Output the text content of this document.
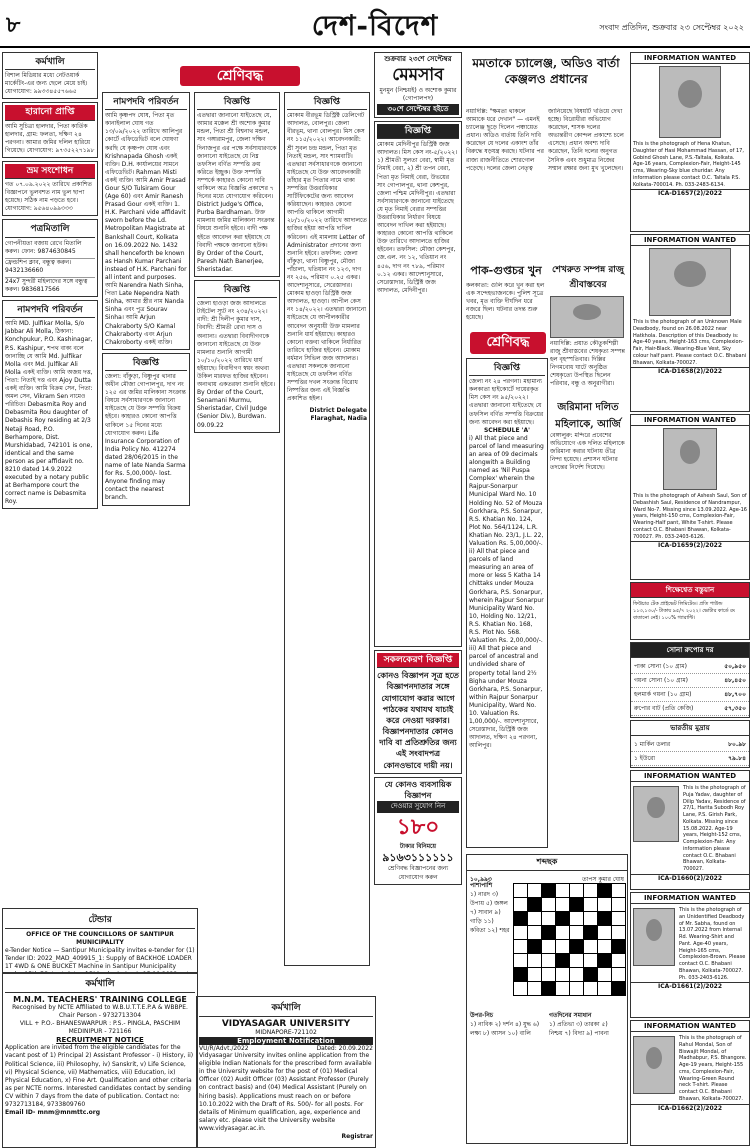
৮	দেশ-বিদেশ	সংবাদ প্রতিদিন, শুক্রবার ২৩ সেপ্টেম্বর ২০২২
শ্রেণিবদ্ধ
কর্মখালি
বিশাল মিডিয়ার মধ্যে নেটওয়ার্ক মার্কেটিং-এর জন্য ছেলে মেয়ে চাই। যোগাযোগ: ৯৯৩৩৪৫৫৭৬৬৫
হারানো প্রাপ্তি
আমি সুচিত্রা হালদার, পিতা কার্তিক হালদার, গ্রাম: ফলতা, দক্ষিণ ২৪ পরগনা। আমার জমির দলিল হারিয়ে গিয়েছে। যোগাযোগ: ৯৭৩৫২২৭১৯৮
ভ্রম সংশোধন
গত ০৭.০৯.২০২২ তারিখে প্রকাশিত বিজ্ঞাপনে ভুলবশত নাম ভুল ছাপা হয়েছে। সঠিক নাম পড়তে হবে। যোগাযোগ: ৯৫৬৪০৯৯৩৩৩
পত্রমিতালি
গোপনীয়তা বজায় রেখে মিতালি করুন। ফোন: 9874630845
ফ্রেন্ডশিপ ক্লাব, বন্ধুত্ব করুন। 9432136660
24x7 সুন্দরী মহিলাদের সঙ্গে বন্ধুত্ব করুন। 9836817566
নামপদবি পরিবর্তন
আমি MD. Julfikar Molla, S/o Jabbar Ali Molla, ঠিকানা: Konchpukur, P.O. Kashinagar, P.S. Kashipur, শপথ বাক্য বলে জানাচ্ছি যে আমি Md. Julfikar Molla এবং Md. Julfikar Ali Molla একই ব্যক্তি। আমি অজয় দত্ত, পিতা: নিতাই দত্ত এবং Ajoy Dutta একই ব্যক্তি। আমি বিক্রম সেন, পিতা: অমল সেন, Vikram Sen নামেও পরিচিত। Debasmita Roy and Debasmita Rou daughter of Debashis Roy residing at 2/3 Netaji Road, P.O. Berhampore, Dist. Murshidabad, 742101 is one, identical and the same person as per affidavit no. 8210 dated 14.9.2022 executed by a notary public at Berhampore court the correct name is Debasmita Roy.
টেন্ডার
OFFICE OF THE COUNCILLORS OF SANTIPUR MUNICIPALITY
e-Tender Notice — Santipur Municipality invites e-tender for (1) Tender ID: 2022_MAD_409915_1: Supply of BACKHOE LOADER 1T 4WD & ONE BUCKET Machine in Santipur Municipality
নামপদবি পরিবর্তন
আমি কৃষ্ণপদ ঘোষ, পিতা মৃত কানাইলাল ঘোষ গত ১৩/০৯/২০২২ তারিখে আলিপুর কোর্টে এফিডেভিট বলে ঘোষণা করছি যে কৃষ্ণপদ ঘোষ এবং Krishnapada Ghosh একই ব্যক্তি। D.H. কার্যালয়ের সামনে এফিডেভিট। Rahman Misti একই ব্যক্তি। আমি Amir Prasad Gour S/O Tulsiram Gour (Age 60) এবং Amir Ranesh Prasad Gour একই ব্যক্তি। 1. H.K. Parchani vide affidavit sworn before the Ld. Metropolitan Magistrate at Bankshall Court, Kolkata on 16.09.2022 No. 1432 shall henceforth be known as Hansh Kumar Parchani instead of H.K. Parchani for all intent and purposes. আমি Narendra Nath Sinha, পিতা Late Nependra Nath Sinha, আমার স্ত্রীর নাম Nanda Sinha এবং পুত্র Sourav Sinha। আমি Arjun Chakraborty S/O Kamal Chakraborty এবং Arjun Chakroborty একই ব্যক্তি।
বিজ্ঞপ্তি
জেলা: বাঁকুড়া, বিষ্ণুপুর থানার অধীন মৌজা গোপালপুর, দাগ নং ১২৫ এর জমির মালিকানা সংক্রান্ত বিষয়ে সর্বসাধারণকে জানানো যাইতেছে যে উক্ত সম্পত্তি বিক্রয় হইবে। কাহারও কোনো আপত্তি থাকিলে ১৫ দিনের মধ্যে যোগাযোগ করুন। Life Insurance Corporation of India Policy No. 412274 dated 28/06/2015 in the name of late Nanda Sarma for Rs. 5,00,000/- lost. Anyone finding may contact the nearest branch.
বিজ্ঞপ্তি
এতদ্বারা জানানো যাইতেছে যে, আমার মক্কেল শ্রী অশোক কুমার মন্ডল, পিতা শ্রী বিশ্বনাথ মন্ডল, সাং গঙ্গারামপুর, জেলা দক্ষিণ দিনাজপুর এর পক্ষে সর্বসাধারণকে জানানো যাইতেছে যে নিম্ন তফসিল বর্ণিত সম্পত্তি ক্রয় করিতে ইচ্ছুক। উক্ত সম্পত্তি সম্পর্কে কাহারও কোনো দাবি থাকিলে অত্র বিজ্ঞপ্তি প্রকাশের ৭ দিনের মধ্যে যোগাযোগ করিবেন। District Judge's Office, Purba Bardhaman. উক্ত মামলায় জমির মালিকানা সংক্রান্ত বিষয়ে শুনানি হইবে। বাদী পক্ষ হইতে আবেদন করা হইয়াছে যে বিবাদী পক্ষকে জানানো হউক। By Order of the Court, Paresh Nath Banerjee, Sheristadar.
বিজ্ঞপ্তি
জেলা হাওড়া জজ আদালতে টাইটেল স্যুট নং ২৩৪/২০২২। বাদী: শ্রী দিলীপ কুমার দাস, বিবাদী: শ্রীমতী রেখা দাস ও অন্যান্য। এতদ্বারা বিবাদীগণকে জানানো যাইতেছে যে উক্ত মামলার শুনানি আগামী ১০/১০/২০২২ তারিখে ধার্য হইয়াছে। বিবাদীগণ স্বয়ং অথবা উকিল মারফত হাজির হইবেন। অন্যথায় একতরফা শুনানি হইবে। By Order of the Court, Senamani Murmu, Sheristadar, Civil Judge (Senior Div.), Burdwan. 09.09.22
বিজ্ঞপ্তি
মোকাম বীরভূম ডিস্ট্রিক্ট ডেলিগেট আদালত, বোলপুর। জেলা বীরভূম, থানা বোলপুর। মিস কেস নং ১১৫/২০২২। আবেদনকারী: শ্রী সুবল চন্দ্র মন্ডল, পিতা মৃত নিতাই মন্ডল, সাং শ্যামবাটি। এতদ্বারা সর্বসাধারণকে জানানো যাইতেছে যে উক্ত আবেদনকারী তাঁহার মৃত পিতার নামে থাকা সম্পত্তির উত্তরাধিকার সার্টিফিকেটের জন্য আবেদন করিয়াছেন। কাহারও কোনো আপত্তি থাকিলে আগামী ২৮/১০/২০২২ তারিখে আদালতে হাজির হইয়া আপত্তি দাখিল করিবেন। এই মামলায় Letter of Administrator প্রদানের জন্য শুনানি হইবে। তফসিল: জেলা বাঁকুড়া, থানা বিষ্ণুপুর, মৌজা পাঁচালা, খতিয়ান নং ১২৩, দাগ নং ২৫৬, পরিমাণ ০.২৫ একর। আদেশানুসারে, সেরেস্তাদার। মোকাম হাওড়া ডিস্ট্রিক্ট জজ আদালত, হাওড়া। আপীল কেস নং ১৪/২০২২। এতদ্বারা জানানো যাইতেছে যে আপীলকারীর আবেদন অনুযায়ী উক্ত মামলার শুনানি ধার্য হইয়াছে। কাহারও কোনো বক্তব্য থাকিলে নির্ধারিত তারিখে হাজির হইবেন। মোকাম বর্ধমান সিভিল জজ আদালত। এতদ্বারা সকলকে জানানো যাইতেছে যে তফসিল বর্ণিত সম্পত্তির দখল সংক্রান্ত বিরোধ নিষ্পত্তির জন্য এই বিজ্ঞপ্তি প্রকাশিত হইল।
District Delegate Flaraghat, Nadia
শুক্রবার ২৩শে সেপ্টেম্বর
মেমসাব
মুনমুন (নিশ্চয়ই) ও অশোক কুমার (গোপালপদ)
৩০শে সেপ্টেম্বর হইতে
বিজ্ঞপ্তি
মোকাম মেদিনীপুর ডিস্ট্রিক্ট জজ আদালত। মিস কেস নং-৫/২০২২। ১) শ্রীমতী সুলতা বেরা, স্বামী মৃত নিমাই বেরা, ২) শ্রী তপন বেরা, পিতা মৃত নিমাই বেরা, উভয়ের সাং গোপালপুর, থানা কেশপুর, জেলা পশ্চিম মেদিনীপুর। এতদ্বারা সর্বসাধারণকে জানানো যাইতেছে যে মৃত নিমাই বেরার সম্পত্তির উত্তরাধিকার নির্ধারণ বিষয়ে আবেদন দাখিল করা হইয়াছে। কাহারও কোনো আপত্তি থাকিলে উক্ত তারিখে আদালতে হাজির হইবেন। তফসিল: মৌজা কেশপুর, জে.এল. নং ১২, খতিয়ান নং ৪৫৬, দাগ নং ৭৮৯, পরিমাণ ০.১২ একর। আদেশানুসারে, সেরেস্তাদার, ডিস্ট্রিক্ট জজ আদালত, মেদিনীপুর।
সকলকেরণ বিজ্ঞপ্তি
কোনও বিজ্ঞাপন সূত্র হতে বিজ্ঞাপনদাতার সঙ্গে যোগাযোগ করার আগে পাঠকের যথাযথ যাচাই করে নেওয়া দরকার। বিজ্ঞাপনদাতার কোনও দাবি বা প্রতিশ্রুতির জন্য এই সংবাদপত্র কোনওভাবে দায়ী নয়।
যে কোনও ব্যবসায়িক বিজ্ঞাপন
দেওয়ার সুযোগ নিন
১৮০
টাকার বিনিময়ে
৯১৬৩১১১১১১
শ্রেণিবদ্ধ বিজ্ঞাপনের জন্য যোগাযোগ করুন
মমতাকে চ্যালেঞ্জ, অডিও বার্তা কেঞ্জলও প্রধানের
নয়াদিল্লি: "ক্ষমতা থাকলে আমাকে ধরে দেখান" — এমনই চ্যালেঞ্জ ছুড়ে দিলেন পঞ্চায়েত প্রধান। অডিও বার্তায় তিনি দাবি করেছেন যে দলের একাংশ তাঁর বিরুদ্ধে ষড়যন্ত্র করছে। ঘটনার পর রাজ্য রাজনীতিতে শোরগোল পড়েছে। দলের জেলা নেতৃত্ব জানিয়েছে বিষয়টি খতিয়ে দেখা হচ্ছে। বিরোধীরা অভিযোগ করেছেন, শাসক দলের অভ্যন্তরীণ কোন্দল প্রকাশ্যে চলে এসেছে। প্রধান অবশ্য দাবি করেছেন, তিনি দলের অনুগত সৈনিক এবং শুধুমাত্র নিজের সম্মান রক্ষার জন্য মুখ খুলেছেন।
পাক-গুপ্তচর খুন
কলকাতা: গুলি করে খুন করা হল এক সন্দেহভাজনকে। পুলিশ সূত্রে খবর, মৃত ব্যক্তি দীর্ঘদিন ধরে নজরে ছিল। ঘটনার তদন্ত শুরু হয়েছে।
শেখরুত সম্পন্ন রাজু শ্রীবাস্তবের
নয়াদিল্লি: প্রয়াত কৌতুকশিল্পী রাজু শ্রীবাস্তবের শেষকৃত্য সম্পন্ন হল বৃহস্পতিবার। দিল্লির নিগমবোধ ঘাটে অনুষ্ঠিত শেষকৃত্যে উপস্থিত ছিলেন পরিবার, বন্ধু ও অনুরাগীরা।
জরিমানা দলিত মহিলাকে, আর্জি
বেঙ্গালুরু: মন্দিরে প্রবেশের অভিযোগে এক দলিত মহিলাকে জরিমানা করার ঘটনায় তীব্র নিন্দা হয়েছে। প্রশাসন ঘটনার তদন্তের নির্দেশ দিয়েছে।
শ্রেণিবদ্ধ
বিজ্ঞপ্তি
জেলা নং ২৪ পরগনা। মহামান্য কলকাতা হাইকোর্টে দায়েরকৃত মিস কেস নং ৯৫/২০২২। এতদ্বারা জানানো যাইতেছে যে তফসিল বর্ণিত সম্পত্তি বিক্রয়ের জন্য আবেদন করা হইয়াছে।
SCHEDULE 'A'
i) All that piece and parcel of land measuring an area of 09 decimals alongwith a Building named as 'Nil Puspa Complex' wherein the Rajpur-Sonarpur Municipal Ward No. 10 Holding No. 52 of Mouza Gorkhara, P.S. Sonarpur, R.S. Khatian No. 124, Plot No. 564/1124, L.R. Khatian No. 23/1, J.L. 22, Valuation Rs. 5,00,000/-. ii) All that piece and parcels of land measuring an area of more or less 5 Katha 14 chittaks under Mouza Gorkhara, P.S. Sonarpur, wherein Rajpur Sonarpur Municipality Ward No. 10, Holding No. 12/21, R.S. Khatian No. 168, R.S. Plot No. 568. Valuation Rs. 2,00,000/-. iii) All that piece and parcel of ancestral and undivided share of property total land 2½ Bigha under Mouza Gorkhara, P.S. Sonarpur, within Rajpur Sonarpur Municipality, Ward No. 10. Valuation Rs. 1,00,000/-. আদেশানুসারে, সেরেস্তাদার, ডিস্ট্রিক্ট জজ আদালত, দক্ষিণ ২৪ পরগনা, আলিপুর।
শব্দছক
১০,৯৯৩	তাপস কুমার ঘোষ
পাশাপাশি
১) নারদ ৩) উপায় ৫) জঙ্গল ৭) সাবান ৯) গাড়ি ১১) কবিতা ১২) শহর

উপর-নিচ
১) নাবিক ২) দর্শন ৪) যুদ্ধ ৬) লক্ষ্য ৮) আসন ১০) বালি
গতদিনের সমাধান
১) প্রতিভা ৩) তারকা ৫) নিশ্চয় ৭) বিদ্যা ৯) পাবনা
INFORMATION WANTED
This is the photograph of Hena Khatun, Daughter of Hasi Mohammad Hassan, of 17, Gobind Ghosh Lane, P.S.-Taltala, Kolkata. Age-16 years, Complexion-Fair, Height-145 cms, Wearing-Sky blue churidar. Any information please contact O.C. Taltala P.S. Kolkata-700014. Ph. 033-2483-6134.
ICA-D1657(2)/2022
INFORMATION WANTED
This is the photograph of an Unknown Male Deadbody, found on 26.08.2022 near Hatkhola. Description of this Deadbody is: Age-40 years, Height-163 cms, Complexion-Fair, Hair-Black. Wearing-Blue Vest, Sky colour half pant. Please contact O.C. Bhabani Bhawan, Kolkata-700027.
ICA-D1658(2)/2022
INFORMATION WANTED
This is the photograph of Ashesh Saul, Son of Debashish Saul, Residence of Nandrampur, Ward No-7. Missing since 13.09.2022. Age-16 years, Height-150 cms, Complexion-Fair, Wearing-Half pant, White T-shirt. Please contact O.C. Bhabani Bhawan, Kolkata-700027. Ph. 033-2403-6126.
ICA-D1659(2)/2022
শিক্ষেশ্বেত বস্তুয়ান
ফিউচার টেক প্রাইভেট লিমিটেড। প্রতি পাউন্ড ১১৩,১৩০/- টাকায় ৯৫/৭ ২০২২। ভোটার কার্ডে রং বাতানো নেই। ১০০% গ্যারান্টি।
সোনা রুপোর দর
পাকা সোনা (১০ গ্রাম)	৫০,৯৫০
গয়না সোনা (১০ গ্রাম)	৪৮,৪৫০
হলমার্ক গয়না (১০ গ্রাম)	৪৮,৭০০
রুপোর বাট (প্রতি কেজি)	৫৭,৩৫০
ভারতীয় মুদ্রায়
১ মার্কিন ডলার	৮০.৯৮
১ ইউরো	৭৯.৮৪
INFORMATION WANTED
This is the photograph of Puja Yadav, daughter of Dilip Yadav, Residence of 27/1, Harita Subodh Roy Lane, P.S. Girish Park, Kolkata. Missing since 15.08.2022. Age-19 years, Height-152 cms, Complexion-Fair. Any information please contact O.C. Bhabani Bhawan, Kolkata-700027.
ICA-D1660(2)/2022
INFORMATION WANTED
This is the photograph of an Unidentified Deadbody of Mr. Sabha, found on 13.07.2022 from Internal Rd. Wearing-Shirt and Pant. Age-40 years, Height-165 cms, Complexion-Brown. Please contact O.C. Bhabani Bhawan, Kolkata-700027. Ph. 033-2403-6126.
ICA-D1661(2)/2022
INFORMATION WANTED
This is the photograph of Rahul Mondal, Son of Biswajit Mondal, of Madhabpur, P.S. Bhangore. Age-19 years, Height-155 cms, Complexion-Fair, Wearing-Green Round neck T-shirt. Please contact O.C. Bhabani Bhawan, Kolkata-700027.
ICA-D1662(2)/2022
কর্মখালি
M.N.M. TEACHERS' TRAINING COLLEGE
Recognised by NCTE Affiliated to W.B.U.T.T.E.P.A & WBBPE. Chair Person - 9732713304
VILL + P.O.- BHANESWARPUR : P.S.- PINGLA, PASCHIM MEDINIPUR - 721166
RECRUITMENT NOTICE
Application are invited from the eligible candidates for the vacant post of 1) Principal 2) Assistant Professor - i) History, ii) Political Science, iii) Philosophy, iv) Sanskrit, v) Life Science, vi) Physical Science, vii) Mathematics, viii) Education, ix) Physical Education, x) Fine Art. Qualification and other criteria as per NCTE norms. Interested candidates contact by sending CV within 7 days from the date of publication. Contact no: 9732713184, 9733809760
Email ID- mnm@mnmttc.org
কর্মখালি
VIDYASAGAR UNIVERSITY
MIDNAPORE-721102
Employment Notification
VU/R/Advt./2022	Dated: 20.09.2022
Vidyasagar University invites online application from the eligible Indian Nationals for the prescribed form available in the University website for the post of (01) Medical Officer (02) Audit Officer (03) Assistant Professor (Purely on contract basis) and (04) Medical Assistant (Purely on hiring basis). Applications must reach on or before 10.10.2022 with the Draft of Rs. 500/- for all posts. For details of Minimum qualification, age, experience and salary etc. please visit the University website www.vidyasagar.ac.in.
Registrar
